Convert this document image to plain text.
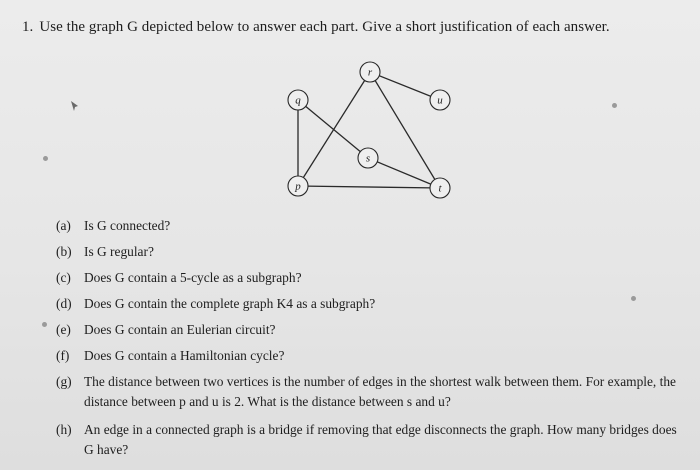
1. Use the graph G depicted below to answer each part. Give a short justification of each answer.
q
r
u
s
p	t
(a) Is G connected?
(b) Is G regular?
(c) Does G contain a 5-cycle as a subgraph?
(d) Does G contain the complete graph K4 as a subgraph?
(e) Does G contain an Eulerian circuit?
(f)	Does G contain a Hamiltonian cycle?
(g) The distance between two vertices is the number of edges in the shortest walk between them. For example, the distance between p and u is 2. What is the distance between s and u?
(h) An edge in a connected graph is a bridge if removing that edge disconnects the graph. How many bridges does G have?
